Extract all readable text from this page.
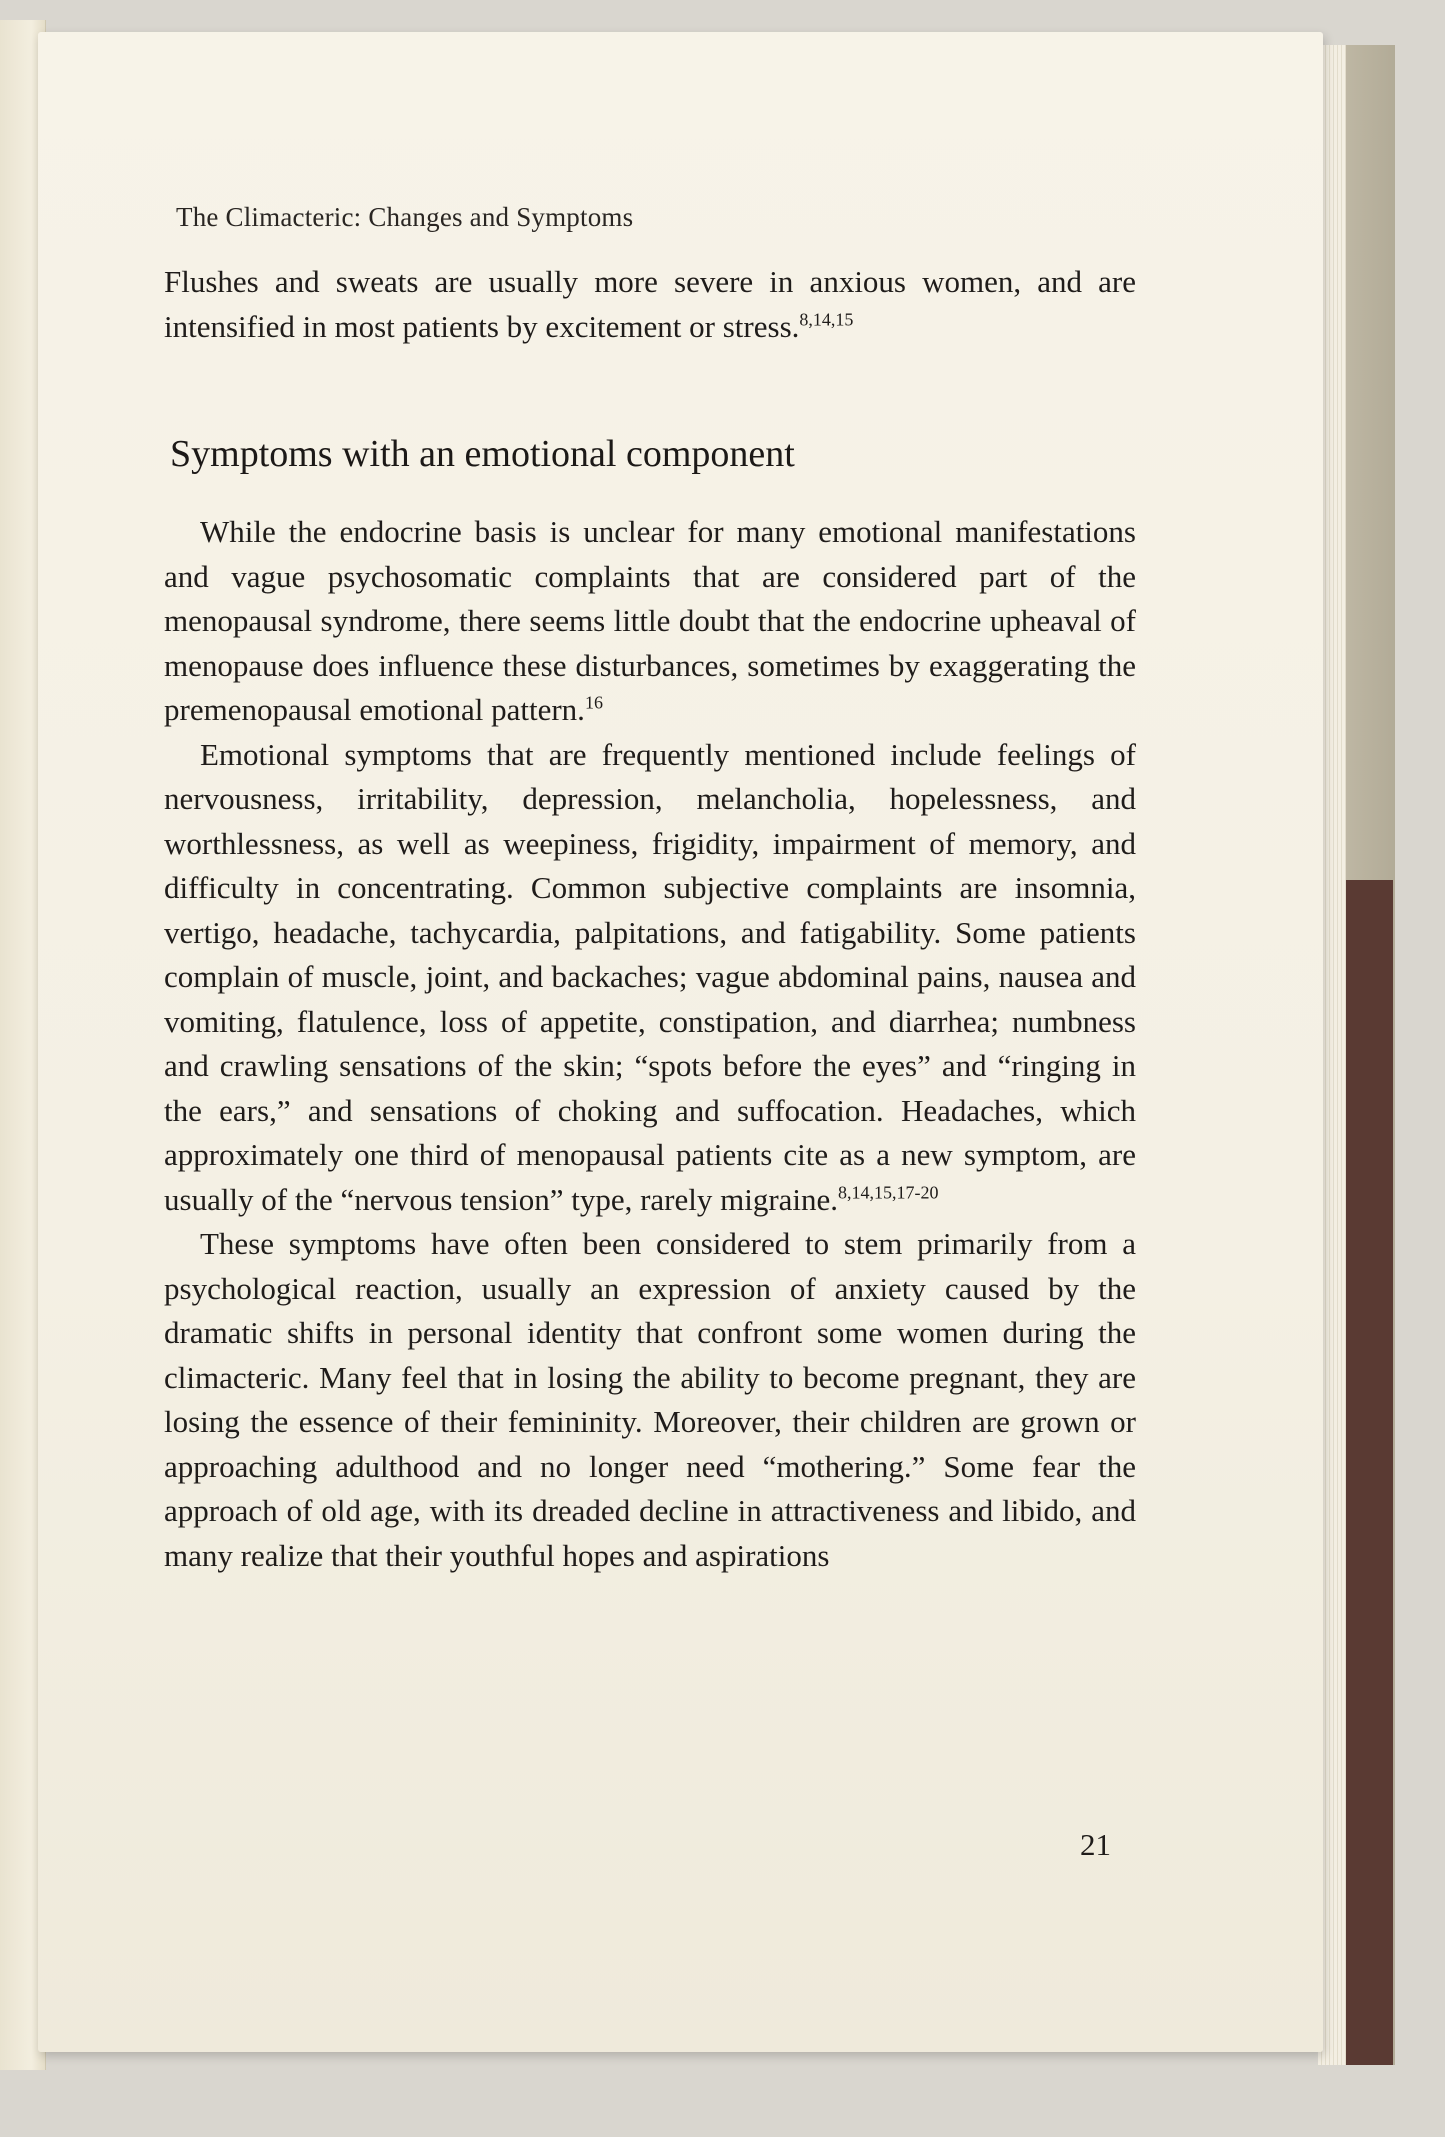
The Climacteric: Changes and Symptoms
Flushes and sweats are usually more severe in anxious women, and are intensified in most patients by excitement or stress.$^{8,14,15}$
Symptoms with an emotional component

While the endocrine basis is unclear for many emotional manifestations and vague psychosomatic complaints that are considered part of the menopausal syndrome, there seems little doubt that the endocrine upheaval of menopause does influence these disturbances, sometimes by exaggerating the premenopausal emotional pattern.$^{16}$

Emotional symptoms that are frequently mentioned include feelings of nervousness, irritability, depression, melancholia, hopelessness, and worthlessness, as well as weepiness, frigidity, impairment of memory, and difficulty in concentrating. Common subjective complaints are insomnia, vertigo, headache, tachycardia, palpitations, and fatigability. Some patients complain of muscle, joint, and backaches; vague abdominal pains, nausea and vomiting, flatulence, loss of appetite, constipation, and diarrhea; numbness and crawling sensations of the skin; “spots before the eyes” and “ringing in the ears,” and sensations of choking and suffocation. Headaches, which approximately one third of menopausal patients cite as a new symptom, are usually of the “nervous tension” type, rarely migraine.$^{8,14,15,17-20}$

These symptoms have often been considered to stem primarily from a psychological reaction, usually an expression of anxiety caused by the dramatic shifts in personal identity that confront some women during the climacteric. Many feel that in losing the ability to become pregnant, they are losing the essence of their femininity. Moreover, their children are grown or approaching adulthood and no longer need “mothering.” Some fear the approach of old age, with its dreaded decline in attractiveness and libido, and many realize that their youthful hopes and aspirations

21
